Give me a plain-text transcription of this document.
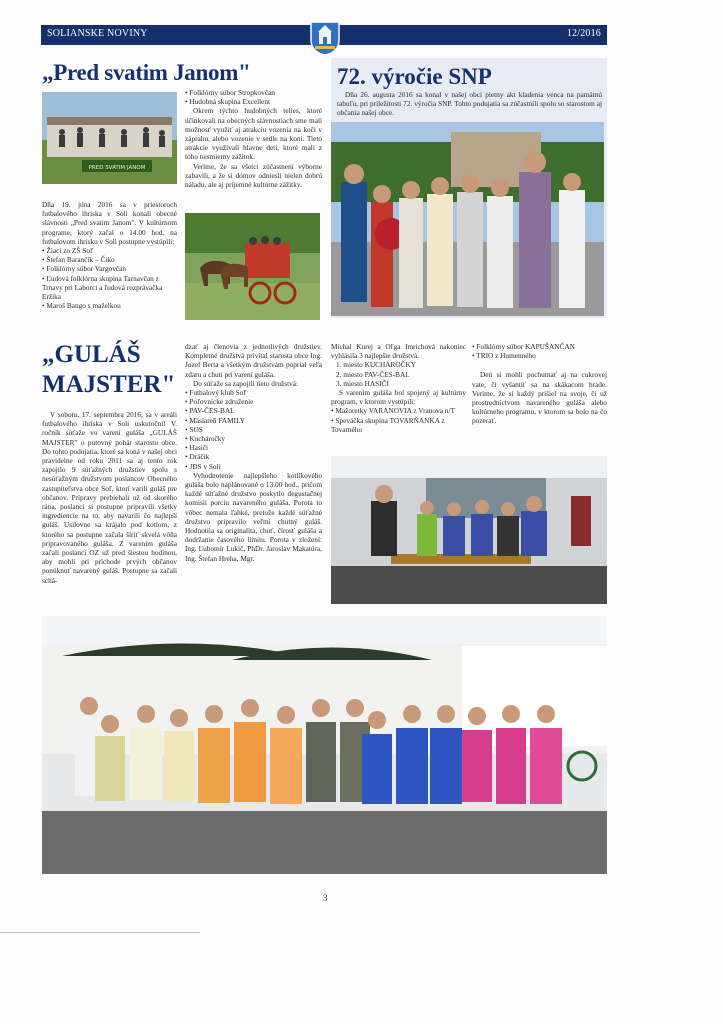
SOLIANSKE NOVINY	12/2016
„Pred svatim Janom"
PRED SVATIM JANOM

Dňa 19. júna 2016 sa v priestoroch futbalového ihriska v Soli konali obecné slávnosti „Pred svatim Janom". V kultúrnom programe, ktorý začal o 14.00 hod. na futbalovom ihrisku v Soli postupne vystúpili:

• Žiaci zo ZŠ Soľ
• Štefan Barančík – Čiko
• Folklórny súbor Vargovčan
• Ľudová folklórna skupina Tarnavčan z Trnavy pri Laborci a ľudová rozprávačka Eržika
• Maroš Bango s maželkou
• Folklórny súbor Stropkovčan
• Hudobná skupina Excellent

Okrem týchto hudobných telies, ktoré účinkovali na obecných slávnostiach sme mali možnosť využiť aj atrakciu vozenia na koči v záprahu, alebo vozenie v sedle na koni. Tieto atrakcie využívali hlavne deti, ktoré mali z toho nesmierny zážitok.

Veríme, že sa všetci zúčastnení výborne zabavili, a že si domov odniesli nielen dobrú náladu, ale aj príjemné kultúrne zážitky.

72. výročie SNP

Dňa 26. augusta 2016 sa konal v našej obci pietny akt kladenia venca na pamätnú tabuľu, pri príležitosti 72. výročia SNP. Tohto podujatia sa zúčastnili spolu so starostom aj občania našej obce.

„GULÁŠ
MAJSTER"

V sobotu, 17. septembra 2016, sa v areáli futbalového ihriska v Soli uskutočnil V. ročník súťaže vo varení guláša „GULÁŠ MAJSTER" o putovný pohár starostu obce. Do tohto podujatia, ktoré sa koná v našej obci pravidelne od roku 2011 sa aj tento rok zapojilo 9 súťažných družstiev spolu s nesúťažným družstvom poslancov Obecného zastupiteľstva obce Soľ, ktorí varili guláš pre občanov. Prípravy prebiehali už od skorého rána, poslanci si postupne pripravili všetky ingrediencie na to, aby navarili čo najlepší guláš. Usilovne sa krájalo pod kotlom, z ktorého sa postupne začala šíriť skvelá vôňa pripravovaného guláša. Z varením guláša začali poslanci OZ už pred šiestou hodinou, aby mohli pri príchode prvých občanov ponúknuť navarený guláš. Postupne sa začali schá-

dzať aj členovia z jednotlivých družstiev. Kompletné družstvá privítal starosta obce Ing. Jozef Berta a všetkým družstvám popriał veľa zdaru a chuti pri varení guláša.

Do súťaže sa zapojili tieto družstvá:

• Futbalový klub Soľ
• Poľovnícke združenie
• PAV-ČES-BAL
• Mäsiareň FAMILY
• SOS
• Kucháročky
• Hasiči
• Dráčik
• JDS v Soli

Vyhodnotenie najlepšieho kotlíkového guláša bolo naplánované o 13.00 hod., pričom každé súťažné družstvo poskytlo degustačnej komisii porciu navareného guláša. Porota to vôbec nemala ľahké, pretože každé súťažné družstvo pripravilo veľmi chutný guláš. Hodnotila sa originalita, chuť, čírosť guláša a dodržanie časového limitu. Porota v zložení: Ing. Ľubomír Lukič, PhDr. Jaroslav Makatúra, Ing. Štefan Hreha, Mgr.

Michal Kurej a Oľga Imrichová nakoniec vyhlásila 3 najlepšie družstvá.

1. miesto KUCHÁROČKY
2. miesto PAV-ČES-BAL
3. miesto HASIČI

S varením guláša bol spojený aj kultúrny program, v ktorom vystúpili:

• Mažoretky VARANOVIA z Vranova n/T
• Speváčka skupina TOVARŇANKA z Tovarného
• Folklórny súbor KAPUŠANČAN
• TRIO z Humenného

Deti si mohli pochutnať aj na cukrovej vate, či vyšantiť sa na skákacom hrade. Veríme, že si každý prišiel na svoje, či už prostredníctvom navareného guláša alebo kultúrneho programu, v ktorom sa bolo na čo pozerať.

3
